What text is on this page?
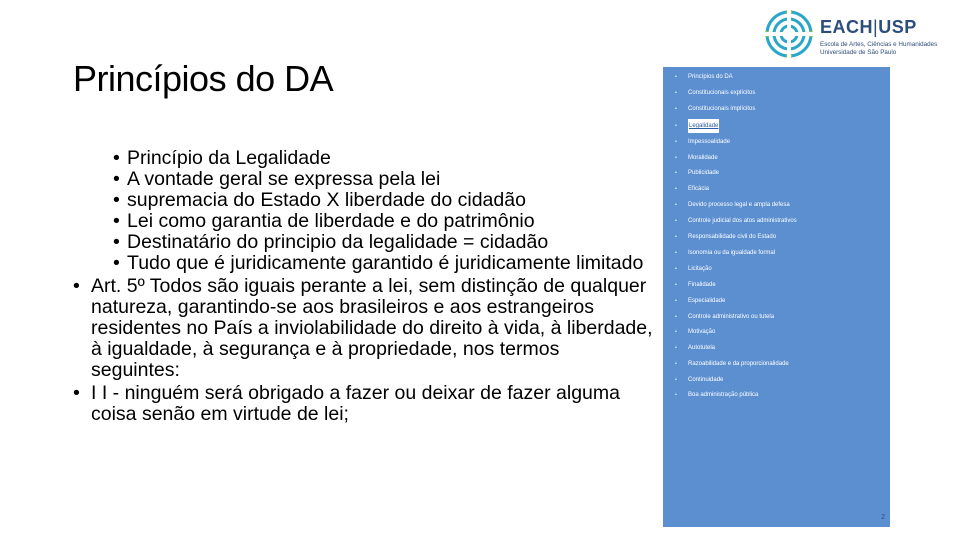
Princípios do DA
• Princípio da Legalidade
• A vontade geral se expressa pela lei
• supremacia do Estado X liberdade do cidadão
• Lei como garantia de liberdade e do patrimônio
• Destinatário do principio da legalidade = cidadão
• Tudo que é juridicamente garantido é juridicamente limitado
• Art. 5º Todos são iguais perante a lei, sem distinção de qualquer natureza, garantindo-se aos brasileiros e aos estrangeiros residentes no País a inviolabilidade do direito à vida, à liberdade, à igualdade, à segurança e à propriedade, nos termos seguintes:
• I I - ninguém será obrigado a fazer ou deixar de fazer alguma coisa senão em virtude de lei;
EACH|USP
Escola de Artes, Ciências e Humanidades
Universidade de São Paulo
2
• Princípios do DA
• Constitucionais explícitos
• Constitucionais implícitos
• Legalidade
• Impessoalidade
• Moralidade
• Publicidade
• Eficácia
• Devido processo legal e ampla defesa
• Controle judicial dos atos administrativos
• Responsabilidade civil do Estado
• Isonomia ou da igualdade formal
• Licitação
• Finalidade
• Especialidade
• Controle administrativo ou tutela
• Motivação
• Autotutela
• Razoabilidade e da proporcionalidade
• Continuidade
• Boa administração pública
